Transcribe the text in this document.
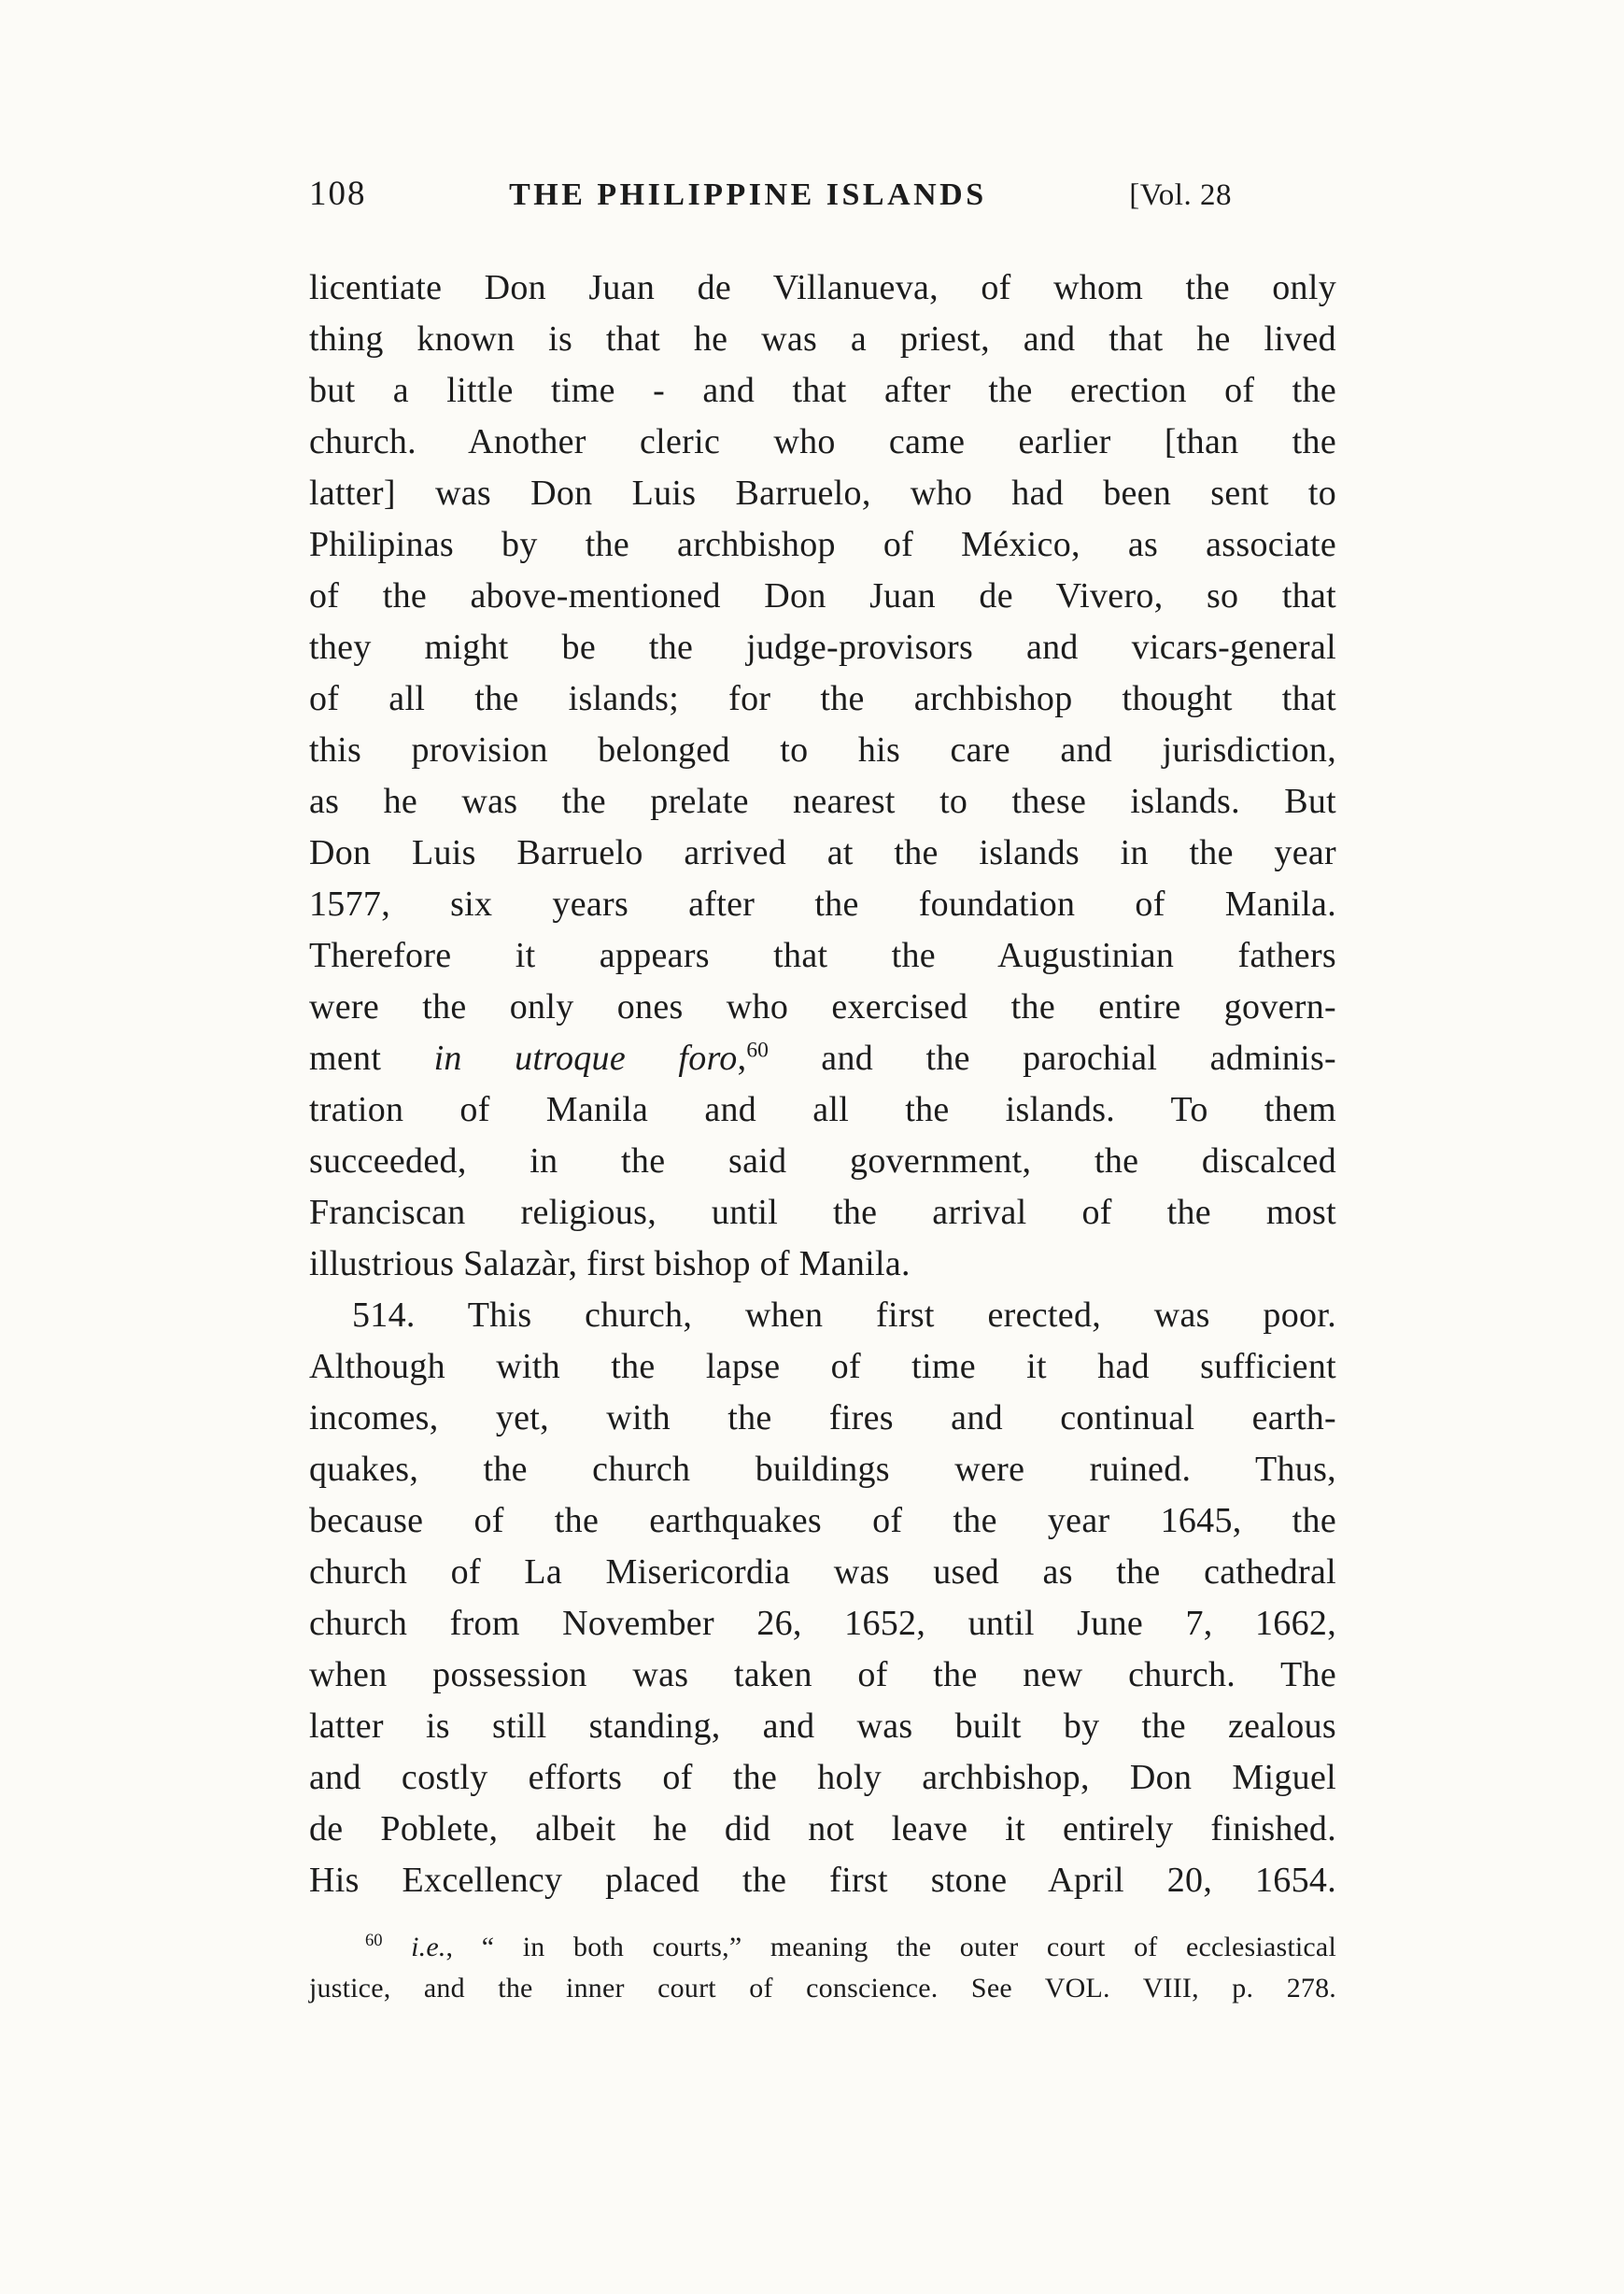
108	THE PHILIPPINE ISLANDS	[Vol. 28
licentiate Don Juan de Villanueva, of whom the only
thing known is that he was a priest, and that he lived
but a little time - and that after the erection of the
church. Another cleric who came earlier [than the
latter] was Don Luis Barruelo, who had been sent to
Philipinas by the archbishop of México, as associate
of the above-mentioned Don Juan de Vivero, so that
they might be the judge-provisors and vicars-general
of all the islands; for the archbishop thought that
this provision belonged to his care and jurisdiction,
as he was the prelate nearest to these islands. But
Don Luis Barruelo arrived at the islands in the year
1577, six years after the foundation of Manila.
Therefore it appears that the Augustinian fathers
were the only ones who exercised the entire govern-
ment in utroque foro,$^{60}$ and the parochial adminis-
tration of Manila and all the islands. To them
succeeded, in the said government, the discalced
Franciscan religious, until the arrival of the most
illustrious Salazàr, first bishop of Manila.
514. This church, when first erected, was poor.
Although with the lapse of time it had sufficient
incomes, yet, with the fires and continual earth-
quakes, the church buildings were ruined. Thus,
because of the earthquakes of the year 1645, the
church of La Misericordia was used as the cathedral
church from November 26, 1652, until June 7, 1662,
when possession was taken of the new church. The
latter is still standing, and was built by the zealous
and costly efforts of the holy archbishop, Don Miguel
de Poblete, albeit he did not leave it entirely finished.
His Excellency placed the first stone April 20, 1654.
$^{60}$ i.e., “ in both courts,” meaning the outer court of ecclesiastical
justice, and the inner court of conscience. See VOL. VIII, p. 278.
